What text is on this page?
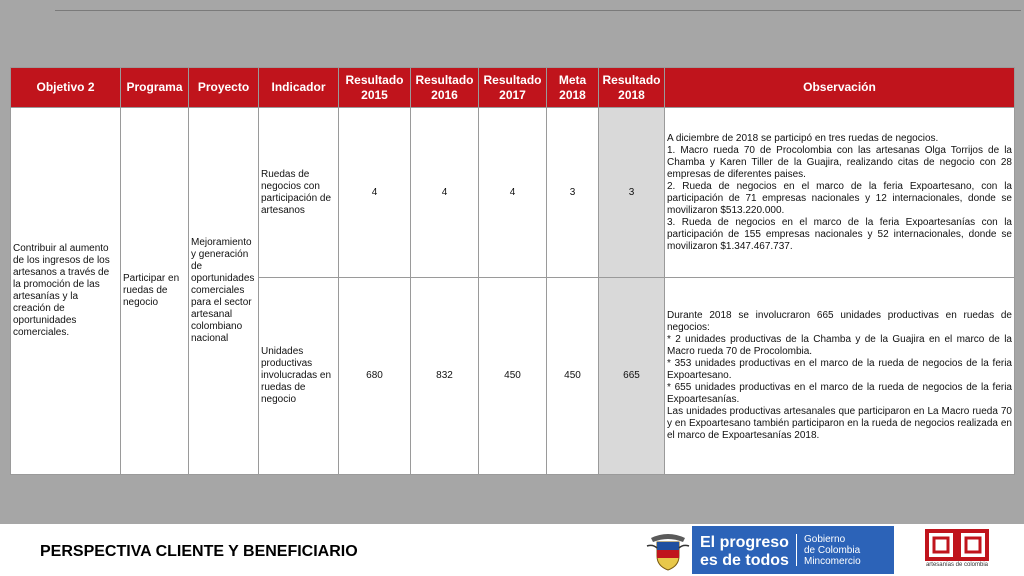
Objetivo 2	Programa	Proyecto	Indicador	Resultado 2015	Resultado 2016	Resultado 2017	Meta 2018	Resultado 2018	Observación
Contribuir al aumento de los ingresos de los artesanos a través de la promoción de las artesanías y la creación de oportunidades comerciales.	Participar en ruedas de negocio	Mejoramiento y generación de oportunidades comerciales para el sector artesanal colombiano nacional	Ruedas de negocios con participación de artesanos	4	4	4	3	3	A diciembre de 2018 se participó en tres ruedas de negocios.

1. Macro rueda 70 de Procolombia con las artesanas Olga Torrijos de la Chamba y Karen Tiller de la Guajira, realizando citas de negocio con 28 empresas de diferentes paises.

2. Rueda de negocios en el marco de la feria Expoartesano, con la participación de 71 empresas nacionales y 12 internacionales, donde se movilizaron $513.220.000.

3. Rueda de negocios en el marco de la feria Expoartesanías con la participación de 155 empresas nacionales y 52 internacionales, donde se movilizaron $1.347.467.737.

			Unidades productivas involucradas en ruedas de negocio	680	832	450	450	665	Durante 2018 se involucraron 665 unidades productivas en ruedas de negocios:

* 2 unidades productivas de la Chamba y de la Guajira en el marco de la Macro rueda 70 de Procolombia.

* 353 unidades productivas en el marco de la rueda de negocios de la feria Expoartesano.

* 655 unidades productivas en el marco de la rueda de negocios de la feria Expoartesanías.

Las unidades productivas artesanales que participaron en La Macro rueda 70 y en Expoartesano también participaron en la rueda de negocios realizada en el marco de Expoartesanías 2018.

PERSPECTIVA CLIENTE Y BENEFICIARIO
El progreso
es de todos
Gobierno
de Colombia
Mincomercio	artesanías de colombia
